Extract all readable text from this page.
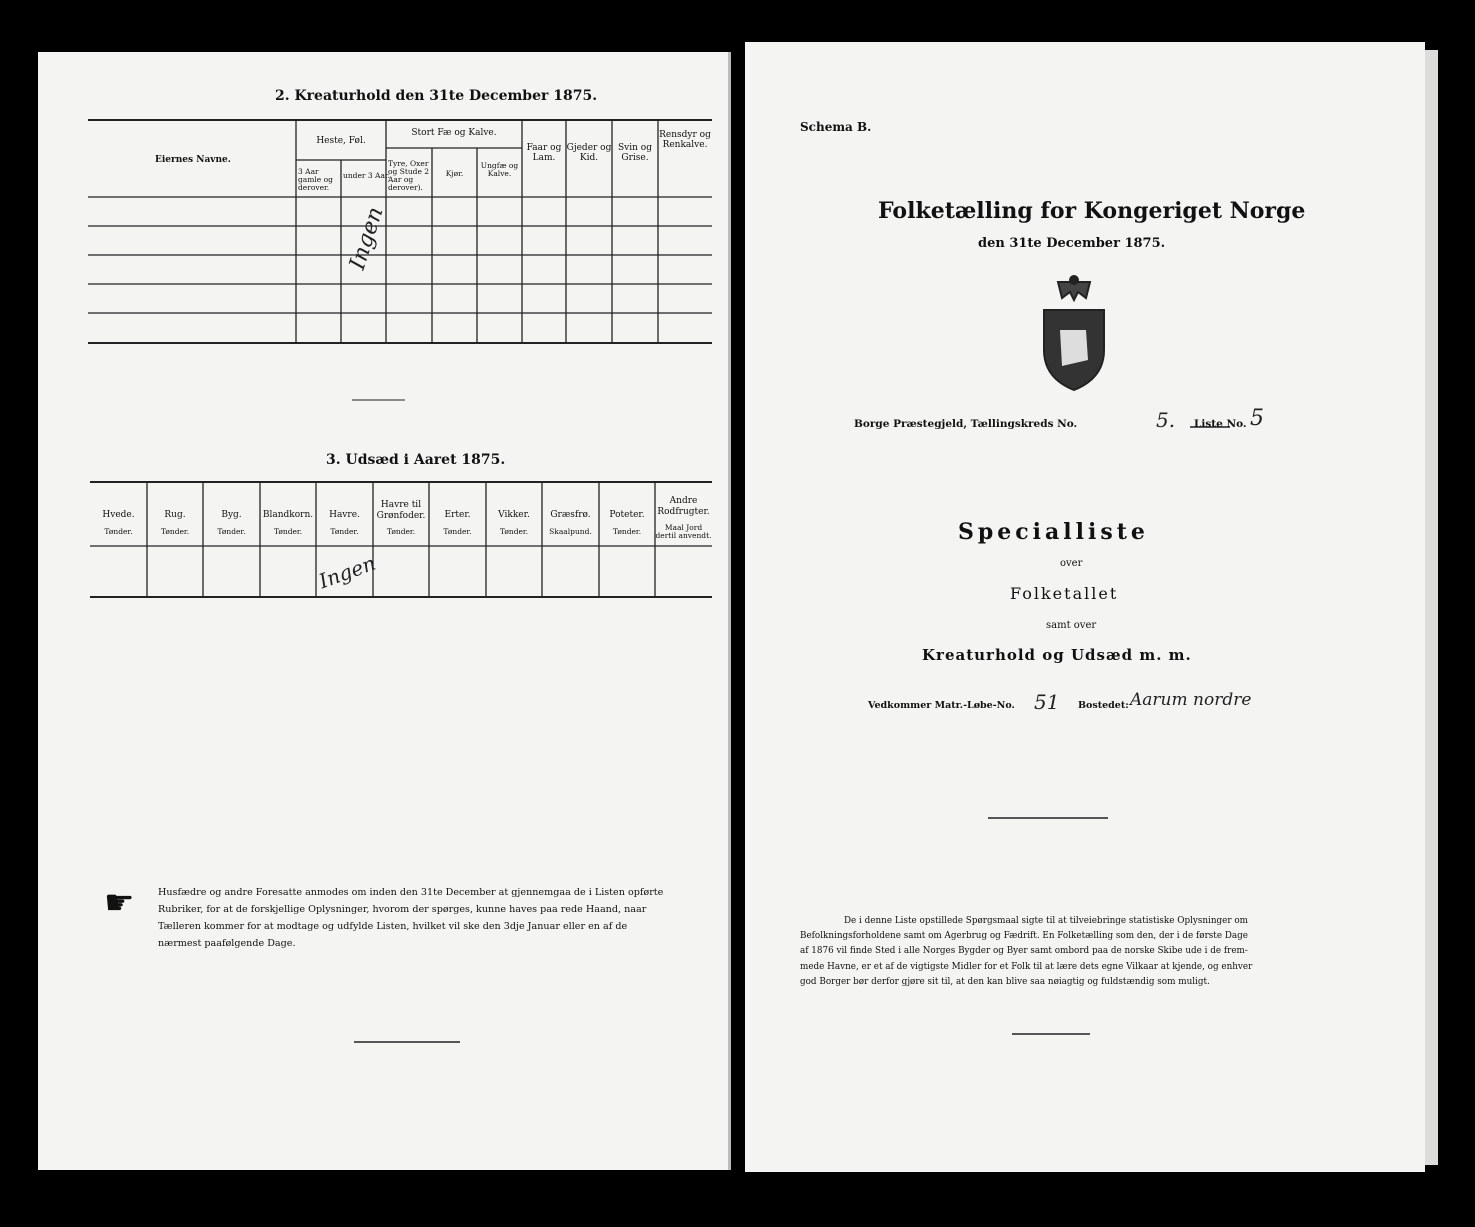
2. Kreaturhold den 31te December 1875.
Eiernes Navne.
Heste, Føl.
3 Aar gamle og derover.
under 3 Aar.
Stort Fæ og Kalve.
Tyre, Oxer og Stude 2 Aar og derover).
Kjør.
Ungfæ og Kalve.
Faar og Lam.
Gjeder og Kid.
Svin og Grise.
Rensdyr og Renkalve.
Ingen
3. Udsæd i Aaret 1875.
Hvede.
Tønder.
Rug.
Tønder.
Byg.
Tønder.
Blandkorn.
Tønder.
Havre.
Tønder.
Havre til Grønfoder.
Tønder.
Erter.
Tønder.
Vikker.
Tønder.
Græsfrø.
Skaalpund.
Poteter.
Tønder.
Andre Rodfrugter.
Maal Jord dertil anvendt.
Ingen
☛ Husfædre og andre Foresatte anmodes om inden den 31te December at gjennemgaa de i Listen opførte
Rubriker, for at de forskjellige Oplysninger, hvorom der spørges, kunne haves paa rede Haand, naar
Tælleren kommer for at modtage og udfylde Listen, hvilket vil ske den 3dje Januar eller en af de
nærmest paafølgende Dage.
Schema B.
Folketælling for Kongeriget Norge
den 31te December 1875.
Borge Præstegjeld, Tællingskreds No.	5. Liste No. 5
Specialliste
over
Folketallet
samt over
Kreaturhold og Udsæd m. m.
Vedkommer Matr.-Løbe-No. 51 Bostedet: Aarum nordre
De i denne Liste opstillede Spørgsmaal sigte til at tilveiebringe statistiske Oplysninger om
Befolkningsforholdene samt om Agerbrug og Fædrift. En Folketælling som den, der i de første Dage
af 1876 vil finde Sted i alle Norges Bygder og Byer samt ombord paa de norske Skibe ude i de frem-
mede Havne, er et af de vigtigste Midler for et Folk til at lære dets egne Vilkaar at kjende, og enhver
god Borger bør derfor gjøre sit til, at den kan blive saa nøiagtig og fuldstændig som muligt.
